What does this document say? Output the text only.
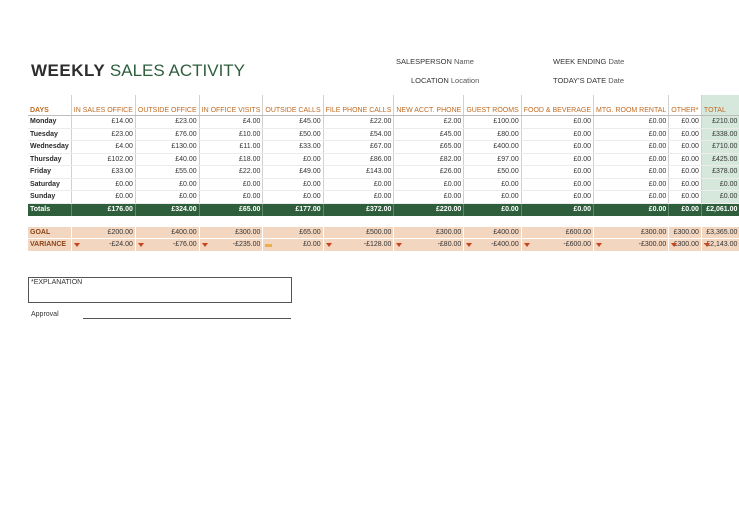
WEEKLY SALES ACTIVITY	SALESPERSON Name	WEEK ENDING Date
LOCATION Location	TODAY'S DATE Date
DAYS	IN SALES OFFICE	OUTSIDE OFFICE	IN OFFICE VISITS	OUTSIDE CALLS	FILE PHONE CALLS	NEW ACCT. PHONE	GUEST ROOMS	FOOD & BEVERAGE	MTG. ROOM RENTAL	OTHER*	TOTAL
Monday	£14.00	£23.00	£4.00	£45.00	£22.00	£2.00	£100.00	£0.00	£0.00	£0.00	£210.00
Tuesday	£23.00	£76.00	£10.00	£50.00	£54.00	£45.00	£80.00	£0.00	£0.00	£0.00	£338.00
Wednesday	£4.00	£130.00	£11.00	£33.00	£67.00	£65.00	£400.00	£0.00	£0.00	£0.00	£710.00
Thursday	£102.00	£40.00	£18.00	£0.00	£86.00	£82.00	£97.00	£0.00	£0.00	£0.00	£425.00
Friday	£33.00	£55.00	£22.00	£49.00	£143.00	£26.00	£50.00	£0.00	£0.00	£0.00	£378.00
Saturday	£0.00	£0.00	£0.00	£0.00	£0.00	£0.00	£0.00	£0.00	£0.00	£0.00	£0.00
Sunday	£0.00	£0.00	£0.00	£0.00	£0.00	£0.00	£0.00	£0.00	£0.00	£0.00	£0.00
Totals	£176.00	£324.00	£65.00	£177.00	£372.00	£220.00	£0.00	£0.00	£0.00	£0.00	£2,061.00

GOAL	£200.00	£400.00	£300.00	£65.00	£500.00	£300.00	£400.00	£600.00	£300.00	£300.00	£3,365.00
VARIANCE	-£24.00	-£76.00	-£235.00	£0.00	-£128.00	-£80.00	-£400.00	-£600.00	-£300.00	-£300.00	-£2,143.00
*EXPLANATION
Approval
